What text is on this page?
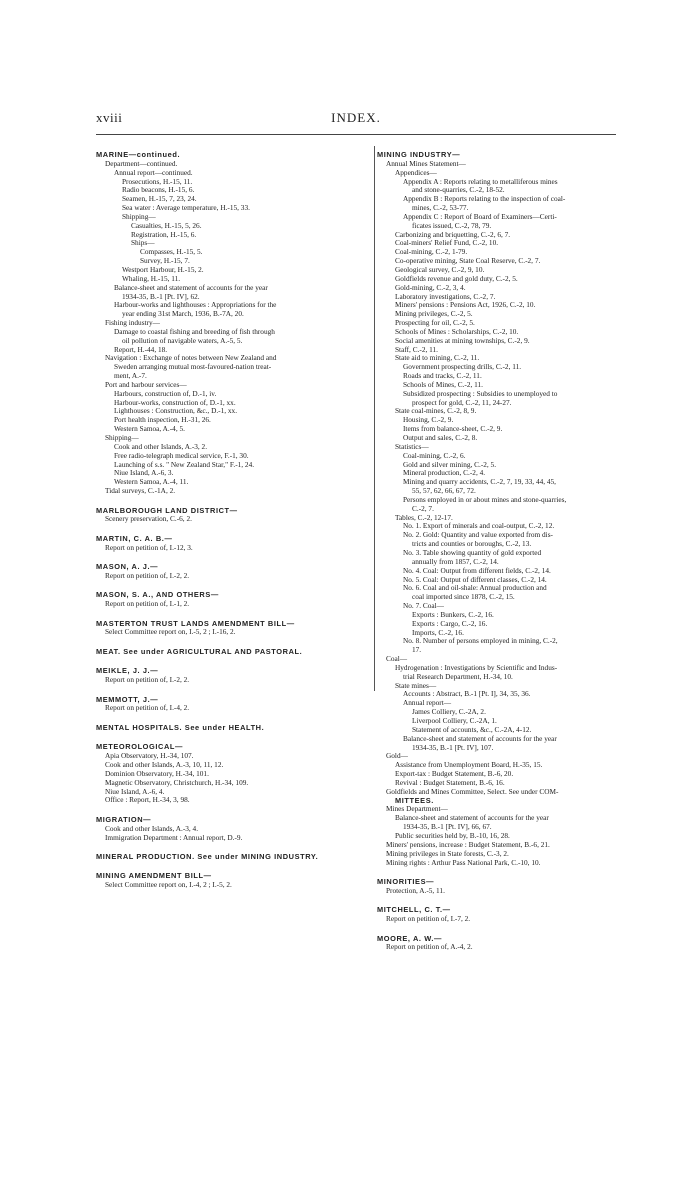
xviii	INDEX.
MARINE—continued.
Department—continued.
Annual report—continued.
Prosecutions, H.-15, 11.
Radio beacons, H.-15, 6.
Seamen, H.-15, 7, 23, 24.
Sea water : Average temperature, H.-15, 33.
Shipping—
Casualties, H.-15, 5, 26.
Registration, H.-15, 6.
Ships—
Compasses, H.-15, 5.
Survey, H.-15, 7.
Westport Harbour, H.-15, 2.
Whaling, H.-15, 11.
Balance-sheet and statement of accounts for the year
1934-35, B.-1 [Pt. IV], 62.
Harbour-works and lighthouses : Appropriations for the
year ending 31st March, 1936, B.-7A, 20.
Fishing industry—
Damage to coastal fishing and breeding of fish through
oil pollution of navigable waters, A.-5, 5.
Report, H.-44, 18.
Navigation : Exchange of notes between New Zealand and
Sweden arranging mutual most-favoured-nation treat-
ment, A.-7.
Port and harbour services—
Harbours, construction of, D.-1, iv.
Harbour-works, construction of, D.-1, xx.
Lighthouses : Construction, &c., D.-1, xx.
Port health inspection, H.-31, 26.
Western Samoa, A.-4, 5.
Shipping—
Cook and other Islands, A.-3, 2.
Free radio-telegraph medical service, F.-1, 30.
Launching of s.s. " New Zealand Star," F.-1, 24.
Niue Island, A.-6, 3.
Western Samoa, A.-4, 11.
Tidal surveys, C.-1A, 2.
MARLBOROUGH LAND DISTRICT—
Scenery preservation, C.-6, 2.
MARTIN, C. A. B.—
Report on petition of, I.-12, 3.
MASON, A. J.—
Report on petition of, I.-2, 2.
MASON, S. A., AND OTHERS—
Report on petition of, I.-1, 2.
MASTERTON TRUST LANDS AMENDMENT BILL—
Select Committee report on, I.-5, 2 ; I.-16, 2.
MEAT. See under AGRICULTURAL AND PASTORAL.
MEIKLE, J. J.—
Report on petition of, I.-2, 2.
MEMMOTT, J.—
Report on petition of, I.-4, 2.
MENTAL HOSPITALS. See under HEALTH.
METEOROLOGICAL—
Apia Observatory, H.-34, 107.
Cook and other Islands, A.-3, 10, 11, 12.
Dominion Observatory, H.-34, 101.
Magnetic Observatory, Christchurch, H.-34, 109.
Niue Island, A.-6, 4.
Office : Report, H.-34, 3, 98.
MIGRATION—
Cook and other Islands, A.-3, 4.
Immigration Department : Annual report, D.-9.
MINERAL PRODUCTION. See under MINING INDUSTRY.
MINING AMENDMENT BILL—
Select Committee report on, I.-4, 2 ; I.-5, 2.
MINING INDUSTRY—
Annual Mines Statement—
Appendices—
Appendix A : Reports relating to metalliferous mines
and stone-quarries, C.-2, 18-52.
Appendix B : Reports relating to the inspection of coal-
mines, C.-2, 53-77.
Appendix C : Report of Board of Examiners—Certi-
ficates issued, C.-2, 78, 79.
Carbonizing and briquetting, C.-2, 6, 7.
Coal-miners' Relief Fund, C.-2, 10.
Coal-mining, C.-2, 1-79.
Co-operative mining, State Coal Reserve, C.-2, 7.
Geological survey, C.-2, 9, 10.
Goldfields revenue and gold duty, C.-2, 5.
Gold-mining, C.-2, 3, 4.
Laboratory investigations, C.-2, 7.
Miners' pensions : Pensions Act, 1926, C.-2, 10.
Mining privileges, C.-2, 5.
Prospecting for oil, C.-2, 5.
Schools of Mines : Scholarships, C.-2, 10.
Social amenities at mining townships, C.-2, 9.
Staff, C.-2, 11.
State aid to mining, C.-2, 11.
Government prospecting drills, C.-2, 11.
Roads and tracks, C.-2, 11.
Schools of Mines, C.-2, 11.
Subsidized prospecting : Subsidies to unemployed to
prospect for gold, C.-2, 11, 24-27.
State coal-mines, C.-2, 8, 9.
Housing, C.-2, 9.
Items from balance-sheet, C.-2, 9.
Output and sales, C.-2, 8.
Statistics—
Coal-mining, C.-2, 6.
Gold and silver mining, C.-2, 5.
Mineral production, C.-2, 4.
Mining and quarry accidents, C.-2, 7, 19, 33, 44, 45,
55, 57, 62, 66, 67, 72.
Persons employed in or about mines and stone-quarries,
C.-2, 7.
Tables, C.-2, 12-17.
No. 1. Export of minerals and coal-output, C.-2, 12.
No. 2. Gold: Quantity and value exported from dis-
tricts and counties or boroughs, C.-2, 13.
No. 3. Table showing quantity of gold exported
annually from 1857, C.-2, 14.
No. 4. Coal: Output from different fields, C.-2, 14.
No. 5. Coal: Output of different classes, C.-2, 14.
No. 6. Coal and oil-shale: Annual production and
coal imported since 1878, C.-2, 15.
No. 7. Coal—
Exports : Bunkers, C.-2, 16.
Exports : Cargo, C.-2, 16.
Imports, C.-2, 16.
No. 8. Number of persons employed in mining, C.-2,
17.
Coal—
Hydrogenation : Investigations by Scientific and Indus-
trial Research Department, H.-34, 10.
State mines—
Accounts : Abstract, B.-1 [Pt. I], 34, 35, 36.
Annual report—
James Colliery, C.-2A, 2.
Liverpool Colliery, C.-2A, 1.
Statement of accounts, &c., C.-2A, 4-12.
Balance-sheet and statement of accounts for the year
1934-35, B.-1 [Pt. IV], 107.
Gold—
Assistance from Unemployment Board, H.-35, 15.
Export-tax : Budget Statement, B.-6, 20.
Revival : Budget Statement, B.-6, 16.
Goldfields and Mines Committee, Select. See under COM-
MITTEES.
Mines Department—
Balance-sheet and statement of accounts for the year
1934-35, B.-1 [Pt. IV], 66, 67.
Public securities held by, B.-10, 16, 28.
Miners' pensions, increase : Budget Statement, B.-6, 21.
Mining privileges in State forests, C.-3, 2.
Mining rights : Arthur Pass National Park, C.-10, 10.
MINORITIES—
Protection, A.-5, 11.
MITCHELL, C. T.—
Report on petition of, I.-7, 2.
MOORE, A. W.—
Report on petition of, A.-4, 2.
